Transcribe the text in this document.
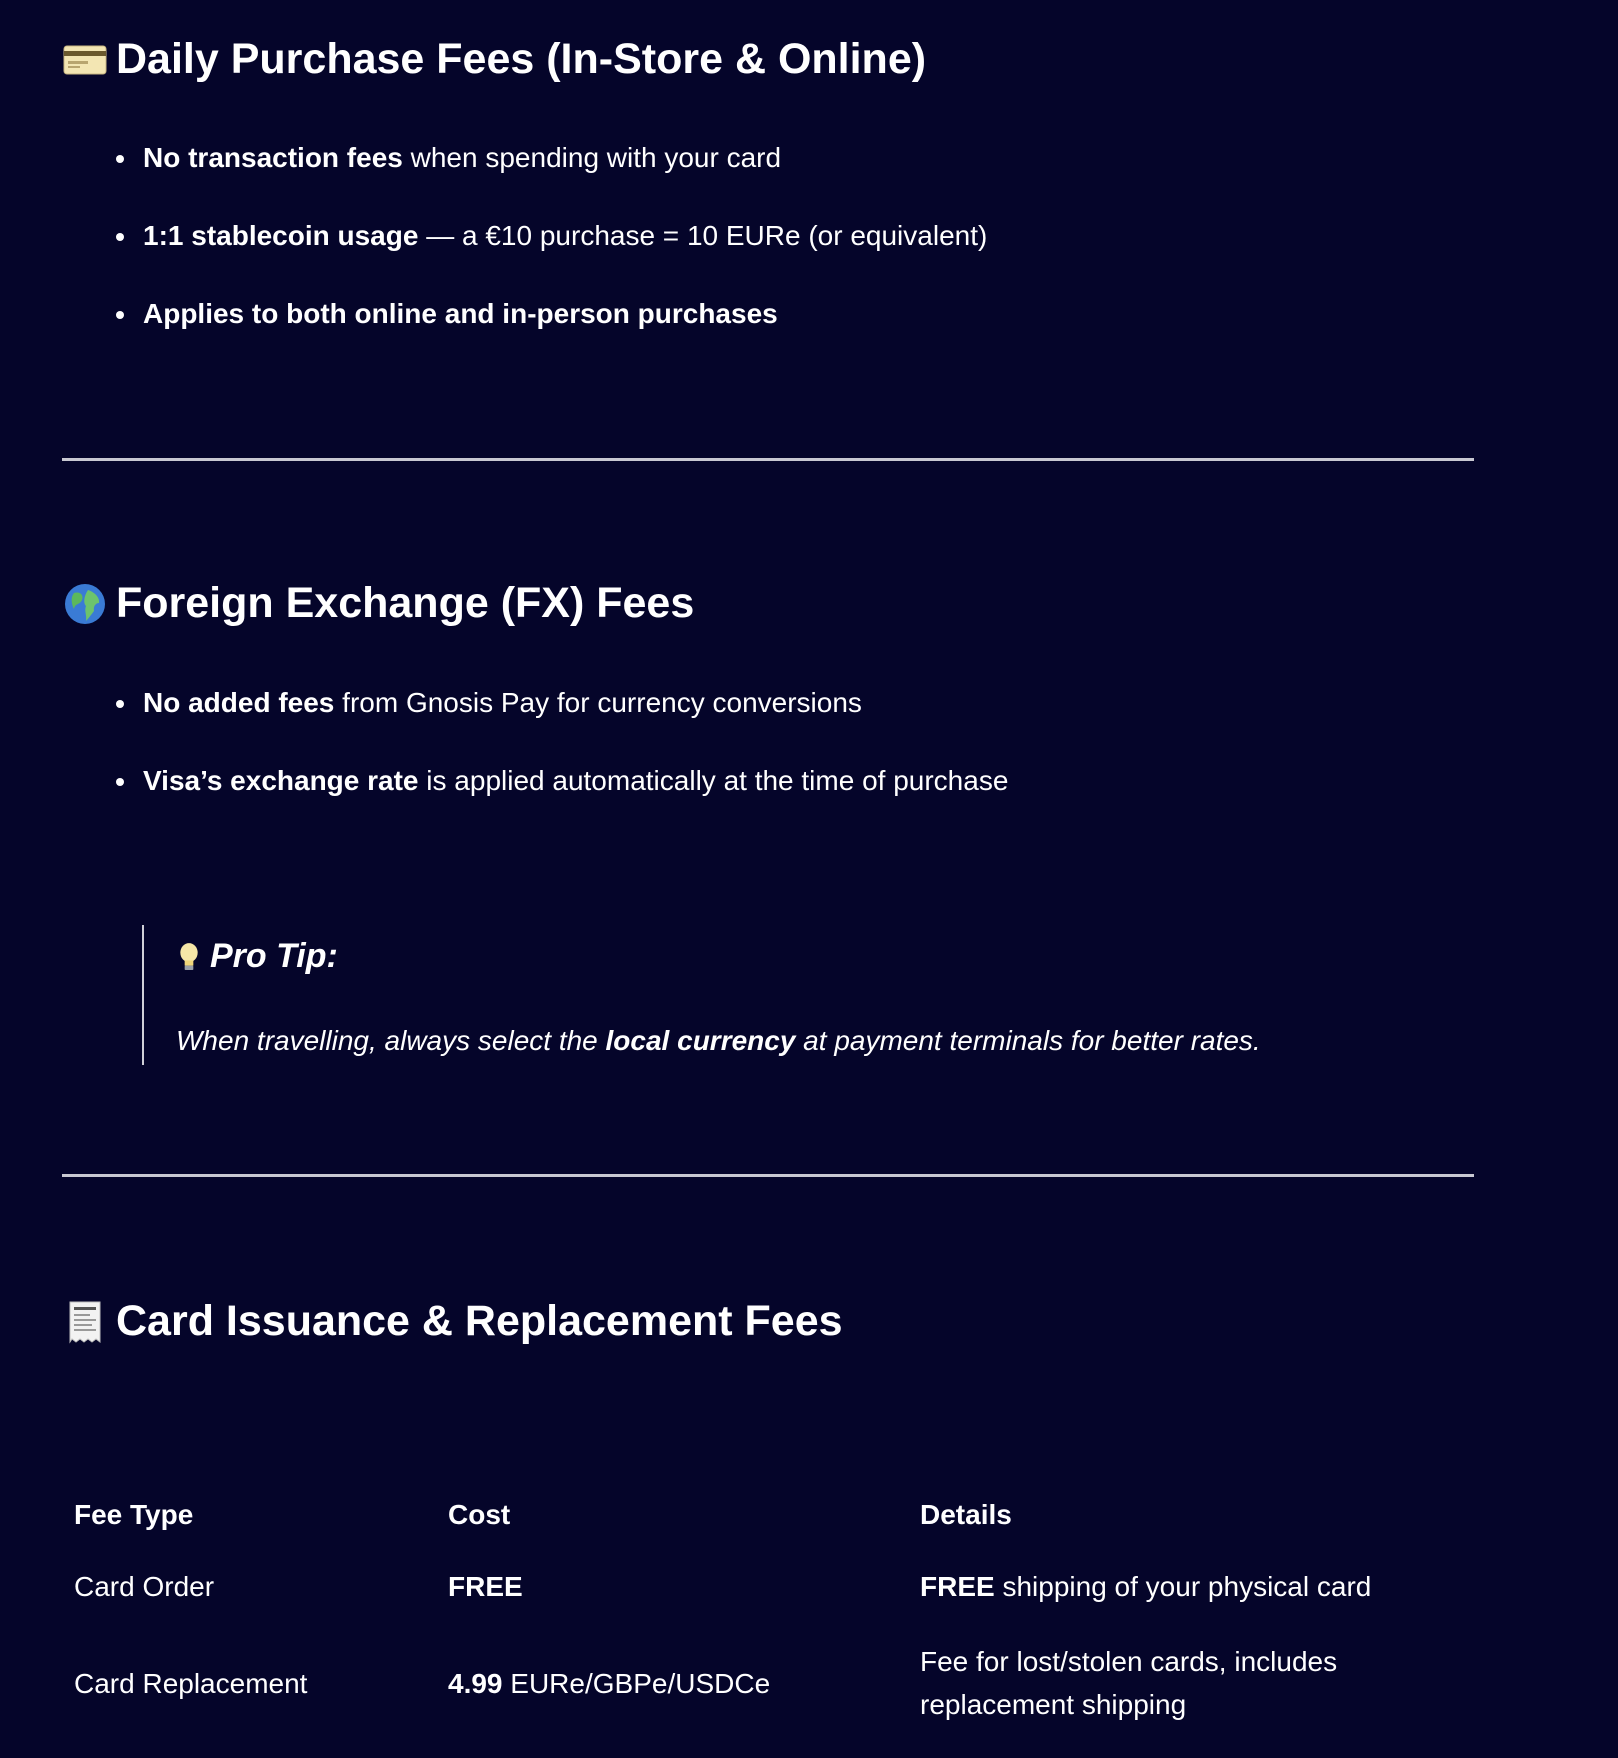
Daily Purchase Fees (In-Store & Online)
No transaction fees when spending with your card
1:1 stablecoin usage — a €10 purchase = 10 EURe (or equivalent)
Applies to both online and in-person purchases
Foreign Exchange (FX) Fees
No added fees from Gnosis Pay for currency conversions
Visa’s exchange rate is applied automatically at the time of purchase
Pro Tip:
When travelling, always select the local currency at payment terminals for better rates.
Card Issuance & Replacement Fees
Fee Type	Cost	Details
Card Order	FREE	FREE shipping of your physical card
Card Replacement	4.99 EURe/GBPe/USDCe	Fee for lost/stolen cards, includes replacement shipping
